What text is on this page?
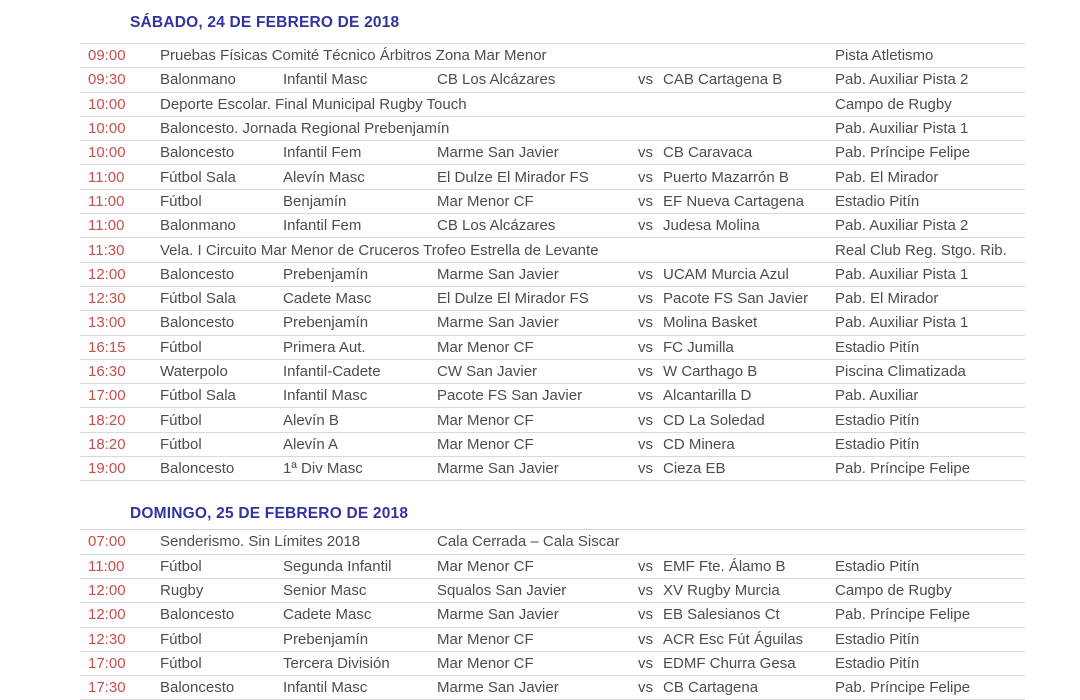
SÁBADO, 24 DE FEBRERO DE 2018
09:00	Pruebas Físicas Comité Técnico Árbitros Zona Mar Menor	Pista Atletismo
09:30	Balonmano	Infantil Masc	CB Los Alcázares	vs CAB Cartagena B	Pab. Auxiliar Pista 2
10:00	Deporte Escolar. Final Municipal Rugby Touch	Campo de Rugby
10:00	Baloncesto. Jornada Regional Prebenjamín	Pab. Auxiliar Pista 1
10:00	Baloncesto	Infantil Fem	Marme San Javier	vs CB Caravaca	Pab. Príncipe Felipe
11:00	Fútbol Sala	Alevín Masc	El Dulze El Mirador FS	vs Puerto Mazarrón B	Pab. El Mirador
11:00	Fútbol	Benjamín	Mar Menor CF	vs EF Nueva Cartagena	Estadio Pitín
11:00	Balonmano	Infantil Fem	CB Los Alcázares	vs Judesa Molina	Pab. Auxiliar Pista 2
11:30	Vela. I Circuito Mar Menor de Cruceros Trofeo Estrella de Levante	Real Club Reg. Stgo. Rib.
12:00	Baloncesto	Prebenjamín	Marme San Javier	vs UCAM Murcia Azul	Pab. Auxiliar Pista 1
12:30	Fútbol Sala	Cadete Masc	El Dulze El Mirador FS	vs Pacote FS San Javier	Pab. El Mirador
13:00	Baloncesto	Prebenjamín	Marme San Javier	vs Molina Basket	Pab. Auxiliar Pista 1
16:15	Fútbol	Primera Aut.	Mar Menor CF	vs FC Jumilla	Estadio Pitín
16:30	Waterpolo	Infantil-Cadete	CW San Javier	vs W Carthago B	Piscina Climatizada
17:00	Fútbol Sala	Infantil Masc	Pacote FS San Javier	vs Alcantarilla D	Pab. Auxiliar
18:20	Fútbol	Alevín B	Mar Menor CF	vs CD La Soledad	Estadio Pitín
18:20	Fútbol	Alevín A	Mar Menor CF	vs CD Minera	Estadio Pitín
19:00	Baloncesto	1ª Div Masc	Marme San Javier	vs Cieza EB	Pab. Príncipe Felipe
DOMINGO, 25 DE FEBRERO DE 2018
07:00	Senderismo. Sin Límites 2018	Cala Cerrada – Cala Siscar
11:00	Fútbol	Segunda Infantil	Mar Menor CF	vs EMF Fte. Álamo B	Estadio Pitín
12:00	Rugby	Senior Masc	Squalos San Javier	vs XV Rugby Murcia	Campo de Rugby
12:00	Baloncesto	Cadete Masc	Marme San Javier	vs EB Salesianos Ct	Pab. Príncipe Felipe
12:30	Fútbol	Prebenjamín	Mar Menor CF	vs ACR Esc Fút Águilas	Estadio Pitín
17:00	Fútbol	Tercera División	Mar Menor CF	vs EDMF Churra Gesa	Estadio Pitín
17:30	Baloncesto	Infantil Masc	Marme San Javier	vs CB Cartagena	Pab. Príncipe Felipe
